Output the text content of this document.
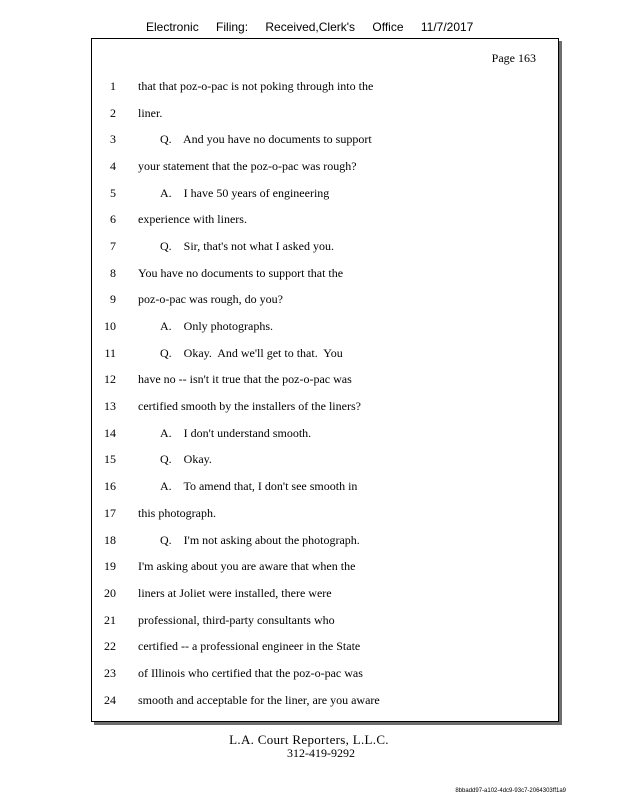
Electronic Filing: Received,Clerk's Office 11/7/2017
Page 163
1 that that poz-o-pac is not poking through into the
2 liner.
3	Q.    And you have no documents to support
4 your statement that the poz-o-pac was rough?
5	A.    I have 50 years of engineering
6 experience with liners.
7	Q.    Sir, that's not what I asked you.
8 You have no documents to support that the
9 poz-o-pac was rough, do you?
10	A.    Only photographs.
11	Q.    Okay.  And we'll get to that.  You
12 have no -- isn't it true that the poz-o-pac was
13 certified smooth by the installers of the liners?
14	A.    I don't understand smooth.
15	Q.    Okay.
16	A.    To amend that, I don't see smooth in
17 this photograph.
18	Q.    I'm not asking about the photograph.
19 I'm asking about you are aware that when the
20 liners at Joliet were installed, there were
21 professional, third-party consultants who
22 certified -- a professional engineer in the State
23 of Illinois who certified that the poz-o-pac was
24 smooth and acceptable for the liner, are you aware
L.A. Court Reporters, L.L.C.
312-419-9292
8bbadd97-a102-4dc9-93c7-2064303ff1a9
